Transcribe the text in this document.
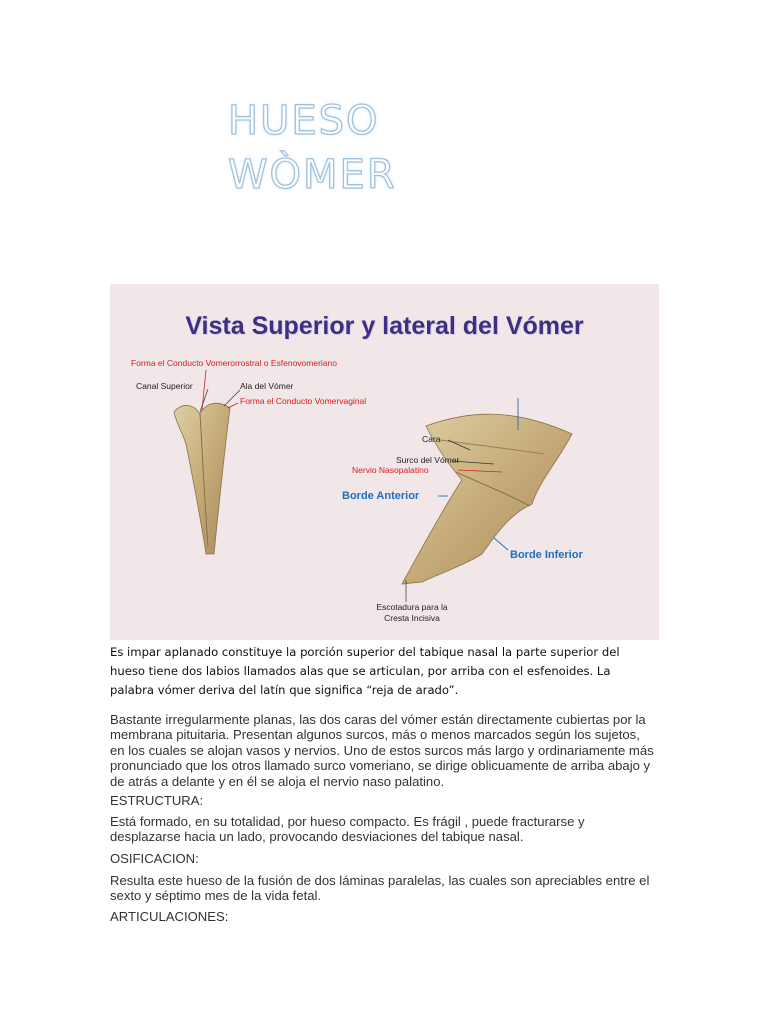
HUESO
WÒMER
Vista Superior y lateral del Vómer
Forma el Conducto Vomerorrostral o Esfenovomeriano
Canal Superior	Ala del Vómer
Forma el Conducto Vomervaginal
Cara
Surco del Vómer
Nervio Nasopalatino
Borde Anterior
Borde Inferior
Escotadura para la
Cresta Incisiva
Es impar aplanado constituye la porción superior del tabique nasal la parte superior del hueso tiene dos labios llamados alas que se articulan, por arriba con el esfenoides. La palabra vómer deriva del latín que significa “reja de arado”.
Bastante irregularmente planas, las dos caras del vómer están directamente cubiertas por la membrana pituitaria. Presentan algunos surcos, más o menos marcados según los sujetos, en los cuales se alojan vasos y nervios. Uno de estos surcos más largo y ordinariamente más pronunciado que los otros llamado surco vomeriano, se dirige oblicuamente de arriba abajo y de atrás a delante y en él se aloja el nervio naso palatino.
ESTRUCTURA:
Está formado, en su totalidad, por hueso compacto. Es frágil , puede fracturarse y desplazarse hacia un lado, provocando desviaciones del tabique nasal.
OSIFICACION:
Resulta este hueso de la fusión de dos láminas paralelas, las cuales son apreciables entre el sexto y séptimo mes de la vida fetal.
ARTICULACIONES:
